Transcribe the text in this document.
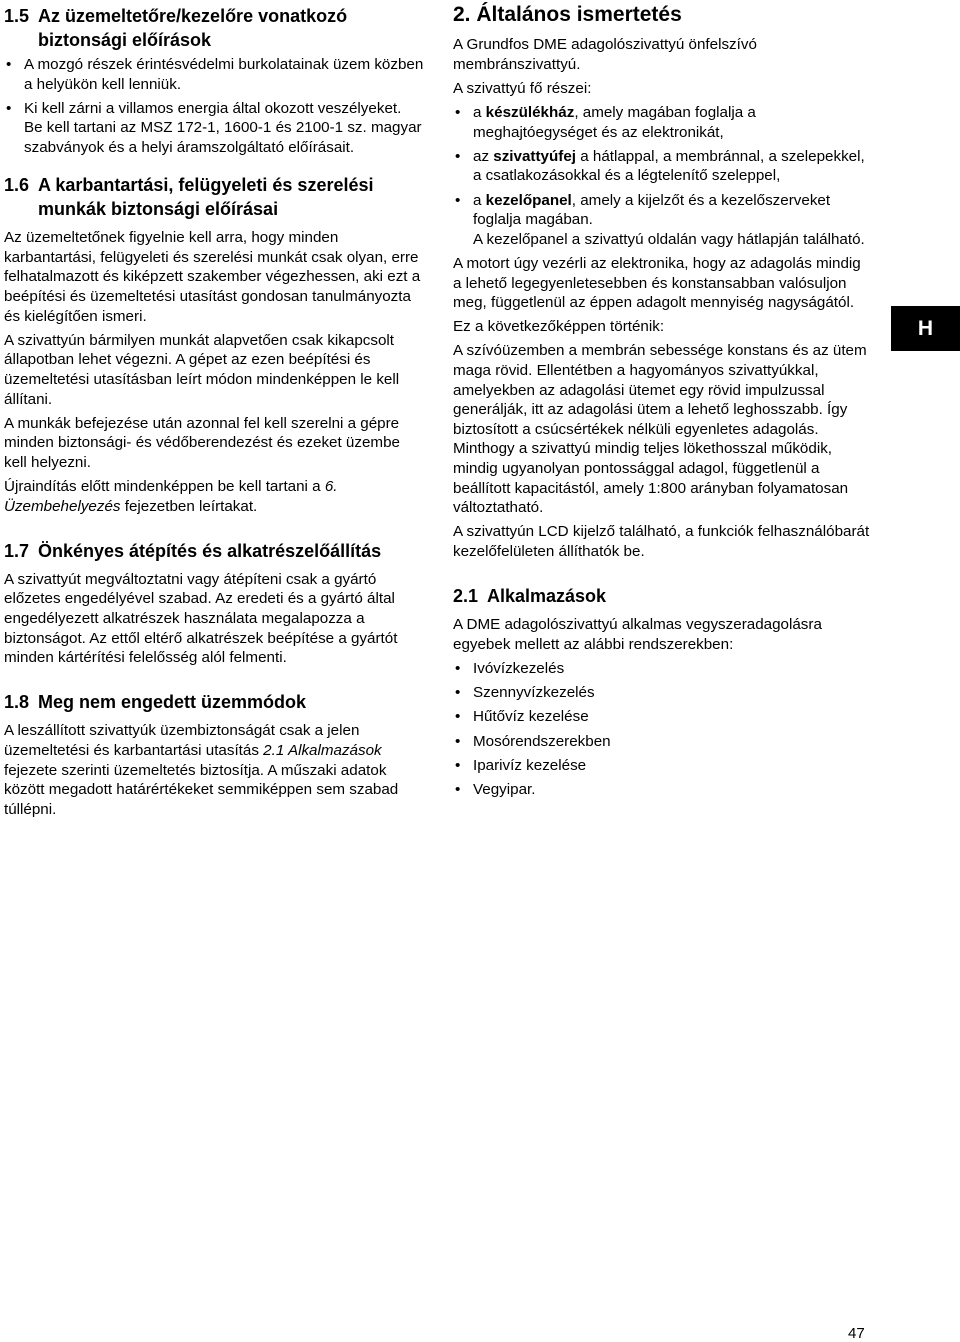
1.5 Az üzemeltetőre/kezelőre vonatkozó biztonsági előírások
• A mozgó részek érintésvédelmi burkolatainak üzem közben a helyükön kell lenniük.
• Ki kell zárni a villamos energia által okozott veszélyeket. Be kell tartani az MSZ 172-1, 1600-1 és 2100-1 sz. magyar szabványok és a helyi áramszolgáltató előírásait.
1.6 A karbantartási, felügyeleti és szerelési munkák biztonsági előírásai

Az üzemeltetőnek figyelnie kell arra, hogy minden karbantartási, felügyeleti és szerelési munkát csak olyan, erre felhatalmazott és kiképzett szakember végezhessen, aki ezt a beépítési és üzemeltetési utasítást gondosan tanulmányozta és kielégítően ismeri.

A szivattyún bármilyen munkát alapvetően csak kikapcsolt állapotban lehet végezni. A gépet az ezen beépítési és üzemeltetési utasításban leírt módon mindenképpen le kell állítani.

A munkák befejezése után azonnal fel kell szerelni a gépre minden biztonsági- és védőberendezést és ezeket üzembe kell helyezni.

Újraindítás előtt mindenképpen be kell tartani a 6. Üzembehelyezés fejezetben leírtakat.

1.7 Önkényes átépítés és alkatrészelőállítás

A szivattyút megváltoztatni vagy átépíteni csak a gyártó előzetes engedélyével szabad. Az eredeti és a gyártó által engedélyezett alkatrészek használata megalapozza a biztonságot. Az ettől eltérő alkatrészek beépítése a gyártót minden kártérítési felelősség alól felmenti.

1.8 Meg nem engedett üzemmódok

A leszállított szivattyúk üzembiztonságát csak a jelen üzemeltetési és karbantartási utasítás 2.1 Alkalmazások fejezete szerinti üzemeltetés biztosítja. A műszaki adatok között megadott határértékeket semmiképpen sem szabad túllépni.

2. Általános ismertetés

A Grundfos DME adagolószivattyú önfelszívó membránszivattyú.

A szivattyú fő részei:

• a készülékház, amely magában foglalja a meghajtóegységet és az elektronikát,
• az szivattyúfej a hátlappal, a membránnal, a szelepekkel, a csatlakozásokkal és a légtelenítő szeleppel,
• a kezelőpanel, amely a kijelzőt és a kezelőszerveket foglalja magában.
A kezelőpanel a szivattyú oldalán vagy hátlapján található.

A motort úgy vezérli az elektronika, hogy az adagolás mindig a lehető legegyenletesebben és konstansabban valósuljon meg, függetlenül az éppen adagolt mennyiség nagyságától.

Ez a következőképpen történik:

A szívóüzemben a membrán sebessége konstans és az ütem maga rövid. Ellentétben a hagyományos szivattyúkkal, amelyekben az adagolási ütemet egy rövid impulzussal generálják, itt az adagolási ütem a lehető leghosszabb. Így biztosított a csúcsértékek nélküli egyenletes adagolás. Minthogy a szivattyú mindig teljes lökethosszal működik, mindig ugyanolyan pontossággal adagol, függetlenül a beállított kapacitástól, amely 1:800 arányban folyamatosan változtatható.

A szivattyún LCD kijelző található, a funkciók felhasználóbarát kezelőfelületen állíthatók be.

2.1 Alkalmazások

A DME adagolószivattyú alkalmas vegyszeradagolásra egyebek mellett az alábbi rendszerekben:

• Ivóvízkezelés
• Szennyvízkezelés
• Hűtővíz kezelése
• Mosórendszerekben
• Iparivíz kezelése
• Vegyipar.
H
47
